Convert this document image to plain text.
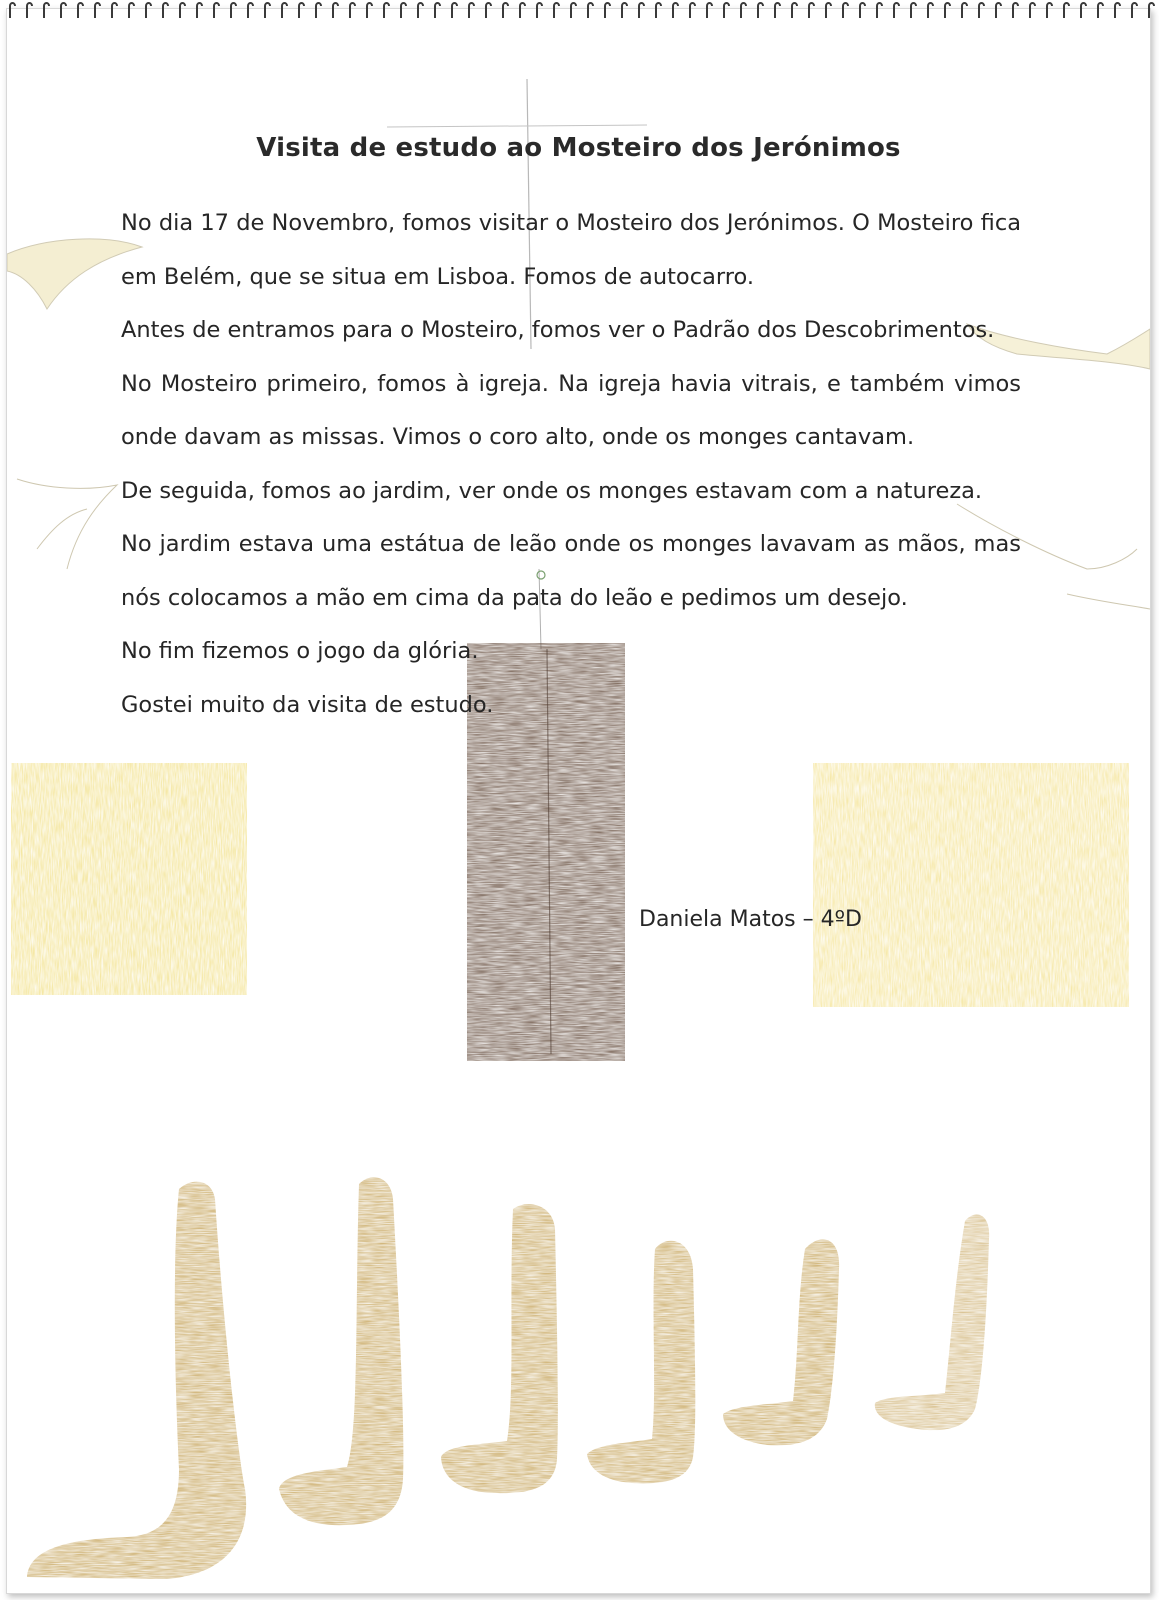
Visita de estudo ao Mosteiro dos Jerónimos

No dia 17 de Novembro, fomos visitar o Mosteiro dos Jerónimos. O Mosteiro fica em Belém, que se situa em Lisboa. Fomos de autocarro.

Antes de entramos para o Mosteiro, fomos ver o Padrão dos Descobrimentos.

No Mosteiro primeiro, fomos à igreja. Na igreja havia vitrais, e também vimos onde davam as missas. Vimos o coro alto, onde os monges cantavam.

De seguida, fomos ao jardim, ver onde os monges estavam com a natureza.

No jardim estava uma estátua de leão onde os monges lavavam as mãos, mas nós colocamos a mão em cima da pata do leão e pedimos um desejo.

No fim fizemos o jogo da glória.

Gostei muito da visita de estudo.

Daniela Matos – 4ºD
